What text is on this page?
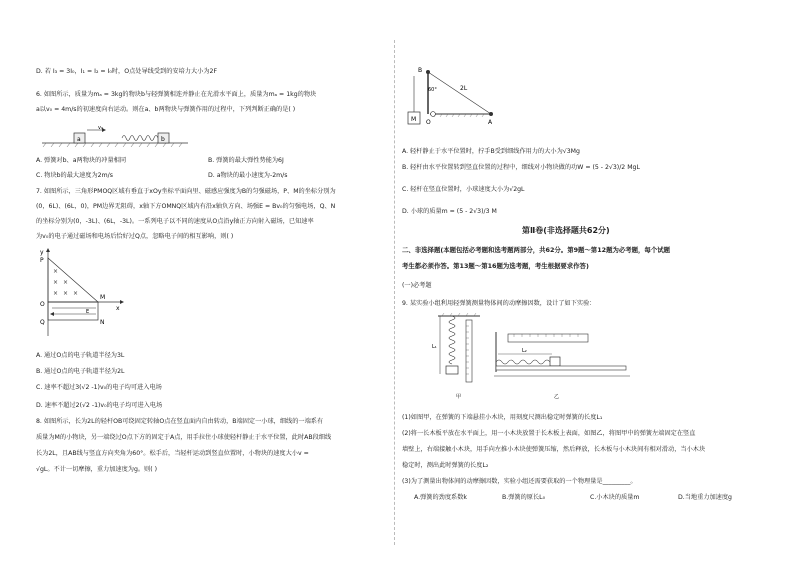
D. 若 I₃ = 3I₀，I₁ = I₂ = I₀时，O点处导线受到的安培力大小为2F
6. 如图所示，质量为mₐ = 3kg的物块b与轻弹簧相连并静止在光滑水平面上，质量为mₐ = 1kg的物块
a以v₀ = 4m/s的初速度向右运动。则在a、b两物块与弹簧作用的过程中，下列判断正确的是( )
a
v₀
b
A. 弹簧对b、a两物块的冲量相同	B. 弹簧的最大弹性势能为6J
C. 物块b的最大速度为2m/s	D. a物块的最小速度为-2m/s
7. 如图所示，三角形PMOQ区域有垂直于xOy坐标平面向里、磁感应强度为B的匀强磁场，P、M的坐标分别为
(0，6L)、(6L，0)，PM边界无阻碍，x轴下方OMNQ区域内有沿x轴负方向、场强E = Bv₀的匀强电场，Q、N
的坐标分别为(0，-3L)、(6L，-3L)。一系列电子以不同的速度从O点沿y轴正方向射入磁场，已知速率
为v₀的电子通过磁场和电场后恰好过Q点，忽略电子间的相互影响，则( )
y
P
×
× ×
× × ×
O
M
E
Q	N
x
A. 通过O点的电子轨道半径为3L
B. 通过O点的电子轨道半径为2L
C. 速率不超过3(√2 -1)v₀的电子均可进入电场
D. 速率不超过2(√2 -1)v₀的电子均可进入电场
8. 如图所示，长为2L的轻杆OB可绕固定转轴O点在竖直面内自由转动，B端固定一小球，细线的一端系有
质量为M的小物块，另一端绕过O点下方的固定于A点，用手拉住小球使轻杆静止于水平位置，此时AB段细线
长为2L，且AB线与竖直方向夹角为60°。松手后，当轻杆运动到竖直位置时，小物块的速度大小v =
√gL。不计一切摩擦，重力加速度为g。则( )
B
60°	2L
M O	A
A. 轻杆静止于水平位置时，拧手B受到细线作用力的大小为√3Mg
B. 轻杆由水平位置转到竖直位置的过程中，细线对小物块做的功W = (5 - 2√3)/2 MgL
C. 轻杆在竖直位置时，小球速度大小为√2gL
D. 小球的质量m = (5 - 2√3)/3 M
第Ⅱ卷(非选择题共62分)
二、非选择题(本题包括必考题和选考题两部分，共62分。第9题～第12题为必考题，每个试题
考生都必须作答。第13题～第16题为选考题，考生根据要求作答)
(一)必考题
9. 某实验小组利用轻弹簧测量物体间的动摩擦因数，设计了如下实验：
L₁
甲
L₂
乙
(1)如图甲，在弹簧的下端悬挂小木块，用刻度尺测出稳定时弹簧的长度L₁
(2)将一长木板平放在水平面上，用一小木块放置于长木板上表面，如图乙，将图甲中的弹簧左端固定在竖直
墙壁上，右端接触小木块，用手向左推小木块使弹簧压缩，然后释放，长木板与小木块间有相对滑动，当小木块
稳定时，测出此时弹簧的长度L₂
(3)为了测量出物体间的动摩擦因数，实验小组还需要获取的一个物理量是_________。
A.弹簧的劲度系数k	B.弹簧的原长L₀	C.小木块的质量m	D.当地重力加速度g
